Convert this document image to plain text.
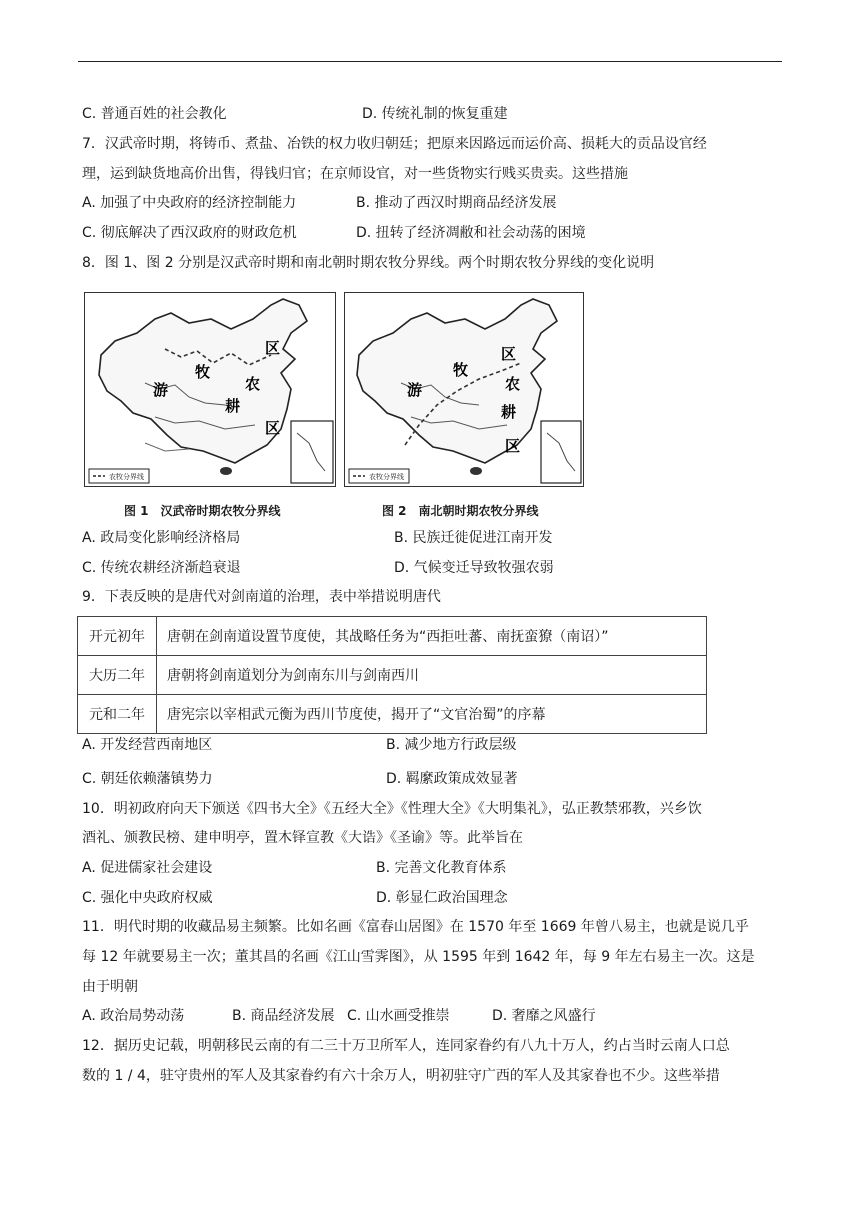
C. 普通百姓的社会教化	D. 传统礼制的恢复重建
7．汉武帝时期，将铸币、煮盐、冶铁的权力收归朝廷；把原来因路远而运价高、损耗大的贡品设官经
理，运到缺货地高价出售，得钱归官；在京师设官，对一些货物实行贱买贵卖。这些措施
A. 加强了中央政府的经济控制能力	B. 推动了西汉时期商品经济发展
C. 彻底解决了西汉政府的财政危机	D. 扭转了经济凋敝和社会动荡的困境
8．图 1、图 2 分别是汉武帝时期和南北朝时期农牧分界线。两个时期农牧分界线的变化说明
农牧分界线
牧
区
游	农
耕
区
图 1　汉武帝时期农牧分界线
农牧分界线
区
牧
农
游
耕
区
图 2　南北朝时期农牧分界线
A. 政局变化影响经济格局	B. 民族迁徙促进江南开发
C. 传统农耕经济渐趋衰退	D. 气候变迁导致牧强农弱
9．下表反映的是唐代对剑南道的治理，表中举措说明唐代
开元初年	唐朝在剑南道设置节度使，其战略任务为“西拒吐蕃、南抚蛮獠（南诏）”
大历二年	唐朝将剑南道划分为剑南东川与剑南西川
元和二年	唐宪宗以宰相武元衡为西川节度使，揭开了“文官治蜀”的序幕
A. 开发经营西南地区	B. 减少地方行政层级
C. 朝廷依赖藩镇势力	D. 羁縻政策成效显著
10．明初政府向天下颁送《四书大全》《五经大全》《性理大全》《大明集礼》，弘正教禁邪教，兴乡饮
酒礼、颁教民榜、建申明亭，置木铎宣教《大诰》《圣谕》等。此举旨在
A. 促进儒家社会建设	B. 完善文化教育体系
C. 强化中央政府权威	D. 彰显仁政治国理念
11．明代时期的收藏品易主频繁。比如名画《富春山居图》在 1570 年至 1669 年曾八易主，也就是说几乎
每 12 年就要易主一次；董其昌的名画《江山雪霁图》，从 1595 年到 1642 年，每 9 年左右易主一次。这是
由于明朝
A. 政治局势动荡	B. 商品经济发展 C. 山水画受推崇	D. 奢靡之风盛行
12．据历史记载，明朝移民云南的有二三十万卫所军人，连同家眷约有八九十万人，约占当时云南人口总
数的 1 / 4，驻守贵州的军人及其家眷约有六十余万人，明初驻守广西的军人及其家眷也不少。这些举措
